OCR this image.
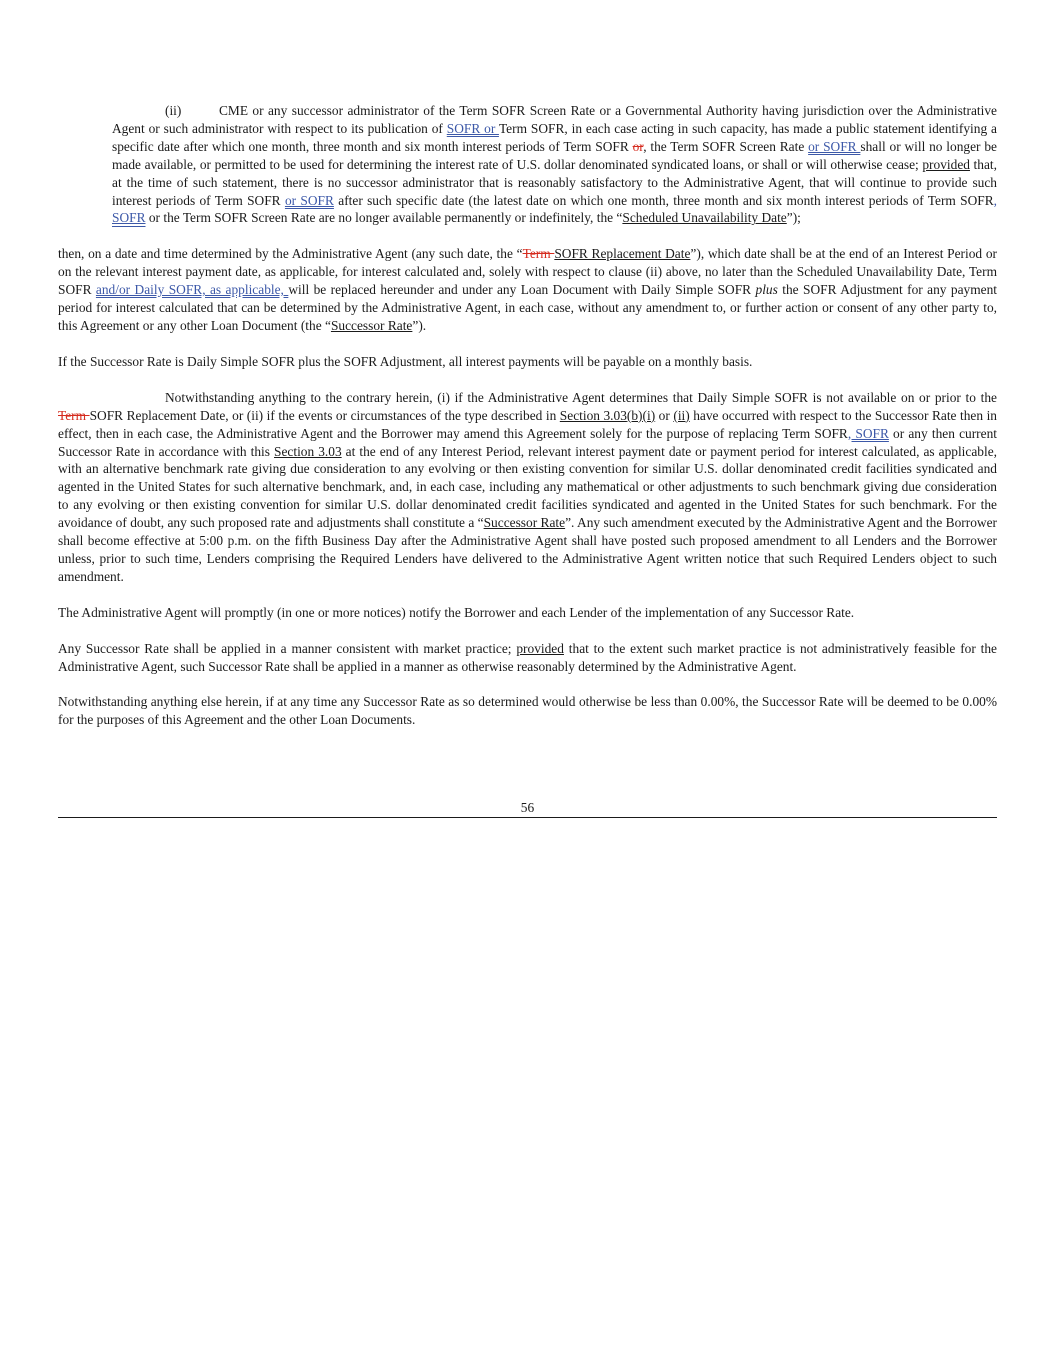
(ii)	CME or any successor administrator of the Term SOFR Screen Rate or a Governmental Authority having jurisdiction over the Administrative Agent or such administrator with respect to its publication of SOFR or Term SOFR, in each case acting in such capacity, has made a public statement identifying a specific date after which one month, three month and six month interest periods of Term SOFR or, the Term SOFR Screen Rate or SOFR shall or will no longer be made available, or permitted to be used for determining the interest rate of U.S. dollar denominated syndicated loans, or shall or will otherwise cease; provided that, at the time of such statement, there is no successor administrator that is reasonably satisfactory to the Administrative Agent, that will continue to provide such interest periods of Term SOFR or SOFR after such specific date (the latest date on which one month, three month and six month interest periods of Term SOFR, SOFR or the Term SOFR Screen Rate are no longer available permanently or indefinitely, the “Scheduled Unavailability Date”);

then, on a date and time determined by the Administrative Agent (any such date, the “Term SOFR Replacement Date”), which date shall be at the end of an Interest Period or on the relevant interest payment date, as applicable, for interest calculated and, solely with respect to clause (ii) above, no later than the Scheduled Unavailability Date, Term SOFR and/or Daily SOFR, as applicable, will be replaced hereunder and under any Loan Document with Daily Simple SOFR plus the SOFR Adjustment for any payment period for interest calculated that can be determined by the Administrative Agent, in each case, without any amendment to, or further action or consent of any other party to, this Agreement or any other Loan Document (the “Successor Rate”).

If the Successor Rate is Daily Simple SOFR plus the SOFR Adjustment, all interest payments will be payable on a monthly basis.

Notwithstanding anything to the contrary herein, (i) if the Administrative Agent determines that Daily Simple SOFR is not available on or prior to the Term SOFR Replacement Date, or (ii) if the events or circumstances of the type described in Section 3.03(b)(i) or (ii) have occurred with respect to the Successor Rate then in effect, then in each case, the Administrative Agent and the Borrower may amend this Agreement solely for the purpose of replacing Term SOFR, SOFR or any then current Successor Rate in accordance with this Section 3.03 at the end of any Interest Period, relevant interest payment date or payment period for interest calculated, as applicable, with an alternative benchmark rate giving due consideration to any evolving or then existing convention for similar U.S. dollar denominated credit facilities syndicated and agented in the United States for such alternative benchmark, and, in each case, including any mathematical or other adjustments to such benchmark giving due consideration to any evolving or then existing convention for similar U.S. dollar denominated credit facilities syndicated and agented in the United States for such benchmark. For the avoidance of doubt, any such proposed rate and adjustments shall constitute a “Successor Rate”. Any such amendment executed by the Administrative Agent and the Borrower shall become effective at 5:00 p.m. on the fifth Business Day after the Administrative Agent shall have posted such proposed amendment to all Lenders and the Borrower unless, prior to such time, Lenders comprising the Required Lenders have delivered to the Administrative Agent written notice that such Required Lenders object to such amendment.

The Administrative Agent will promptly (in one or more notices) notify the Borrower and each Lender of the implementation of any Successor Rate.

Any Successor Rate shall be applied in a manner consistent with market practice; provided that to the extent such market practice is not administratively feasible for the Administrative Agent, such Successor Rate shall be applied in a manner as otherwise reasonably determined by the Administrative Agent.

Notwithstanding anything else herein, if at any time any Successor Rate as so determined would otherwise be less than 0.00%, the Successor Rate will be deemed to be 0.00% for the purposes of this Agreement and the other Loan Documents.

56
